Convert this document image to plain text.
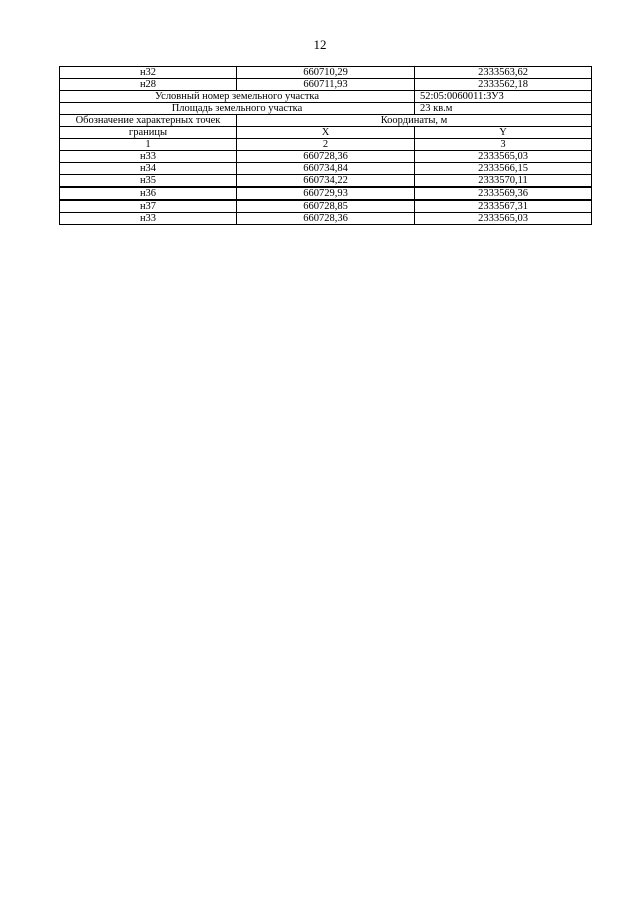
12
н32	660710,29	2333563,62
н28	660711,93	2333562,18
Условный номер земельного участка		52:05:0060011:ЗУ3
Площадь земельного участка		23 кв.м
Обозначение характерных точек	Координаты, м	
границы	X	Y
1	2	3
н33	660728,36	2333565,03
н34	660734,84	2333566,15
н35	660734,22	2333570,11
н36	660729,93	2333569,36
н37	660728,85	2333567,31
н33	660728,36	2333565,03
